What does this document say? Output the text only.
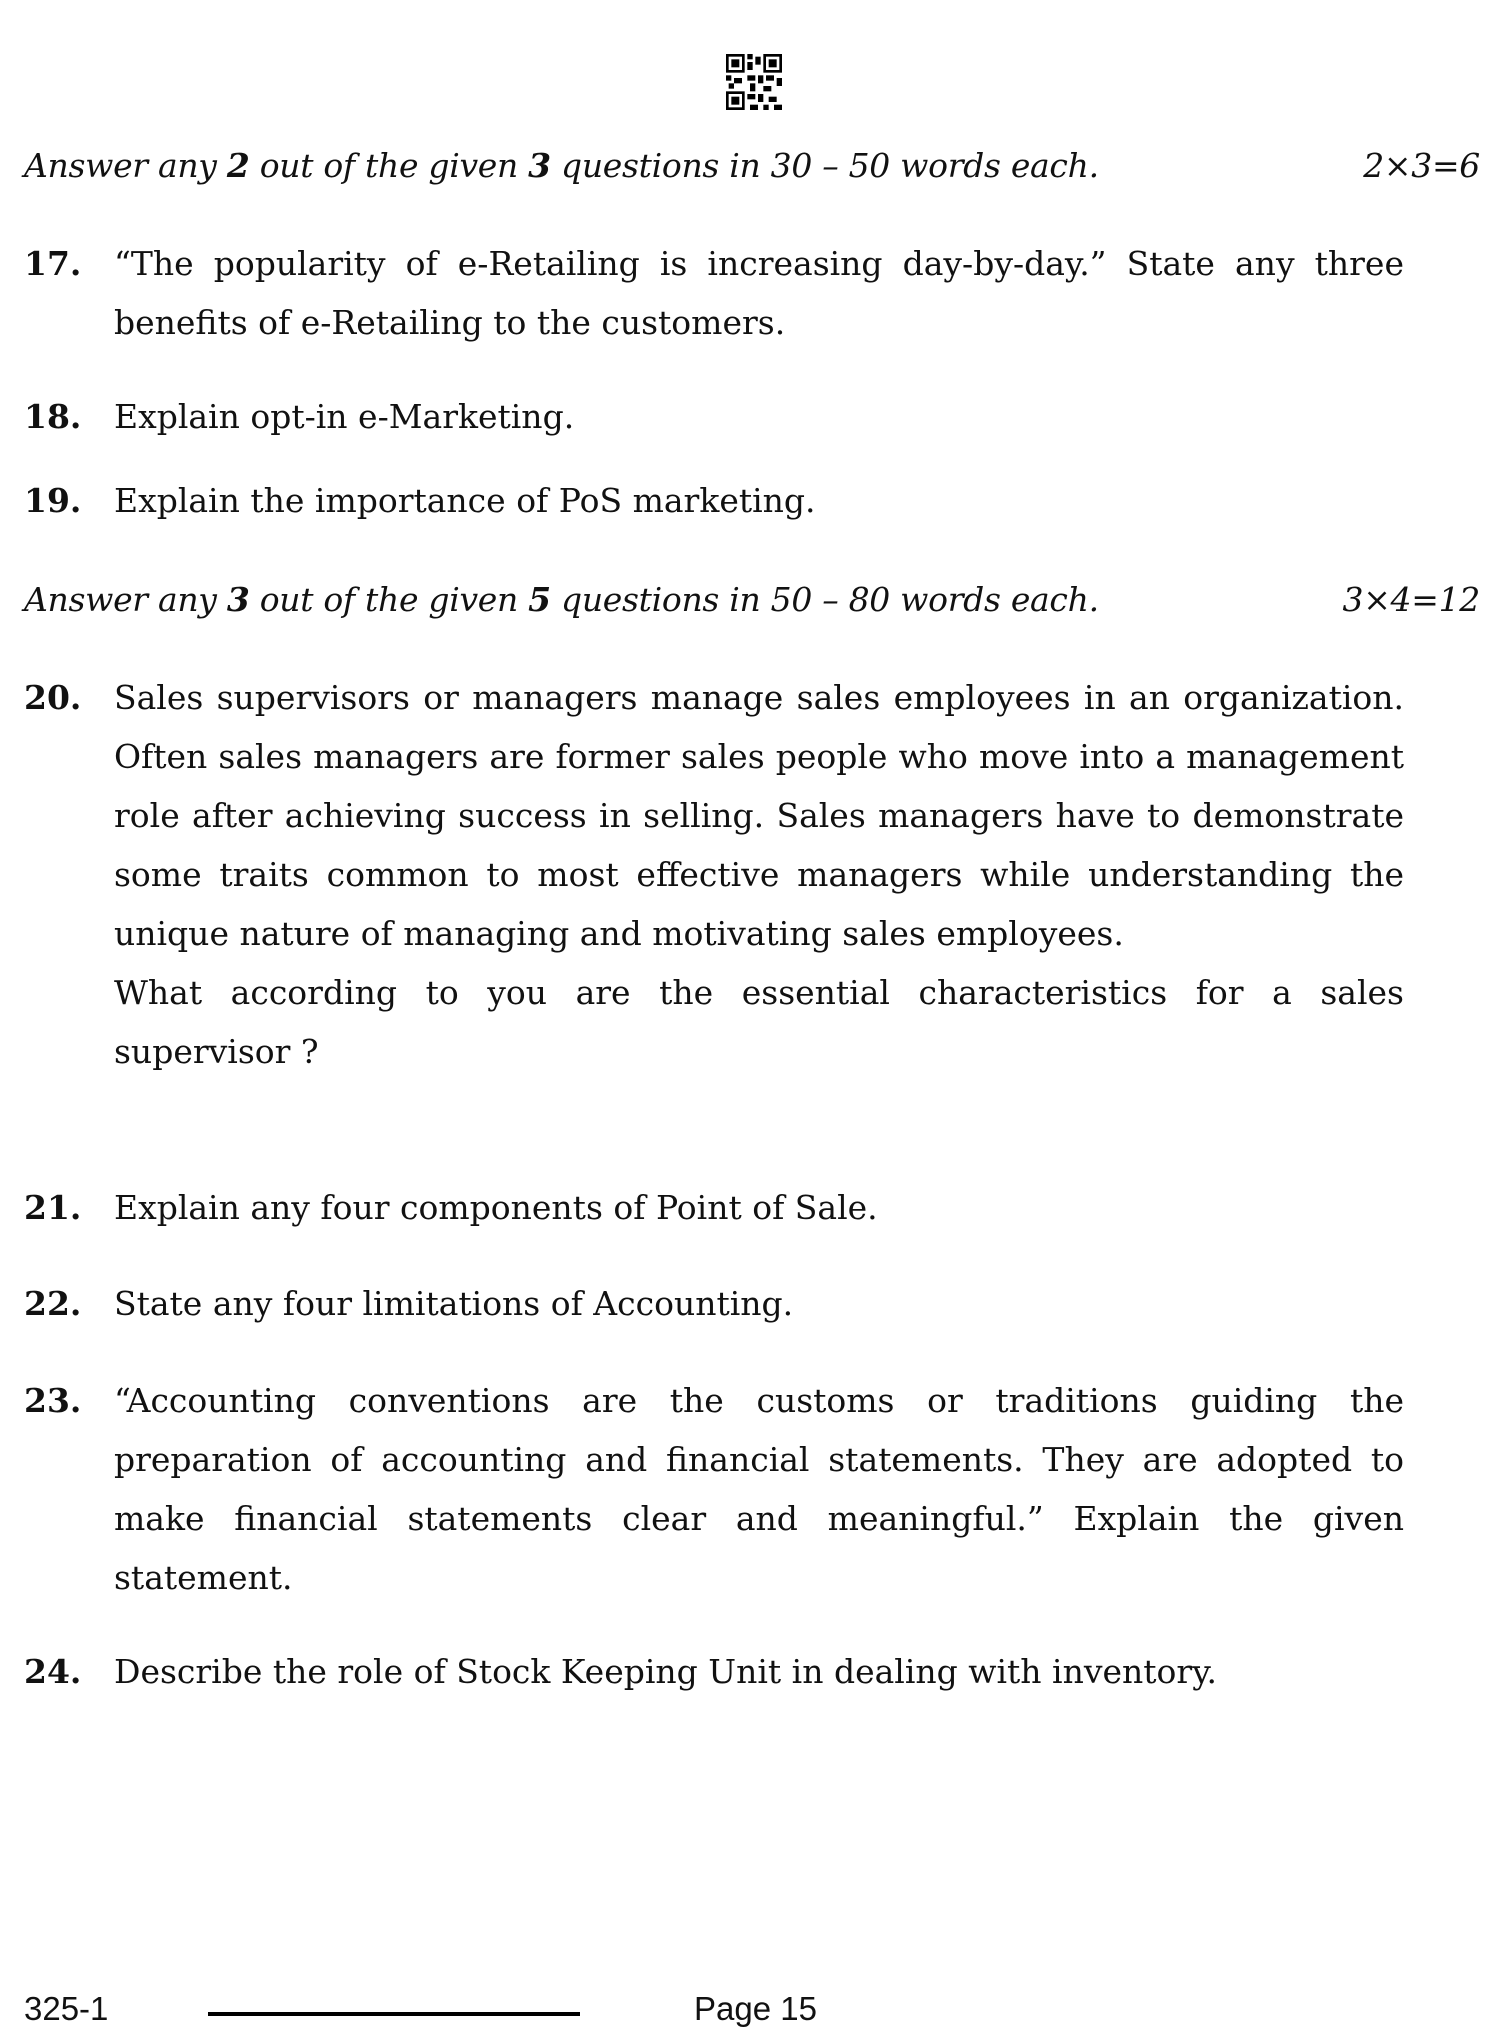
Answer any 2 out of the given 3 questions in 30 – 50 words each.	2×3=6
17. “The popularity of e-Retailing is increasing day-by-day.” State any three benefits of e-Retailing to the customers.

18. Explain opt-in e-Marketing.

19. Explain the importance of PoS marketing.

Answer any 3 out of the given 5 questions in 50 – 80 words each.	3×4=12
20. Sales supervisors or managers manage sales employees in an organization. Often sales managers are former sales people who move into a management role after achieving success in selling. Sales managers have to demonstrate some traits common to most effective managers while understanding the unique nature of managing and motivating sales employees.

What according to you are the essential characteristics for a sales supervisor ?

21. Explain any four components of Point of Sale.

22. State any four limitations of Accounting.

23. “Accounting conventions are the customs or traditions guiding the preparation of accounting and financial statements. They are adopted to make financial statements clear and meaningful.” Explain the given statement.

24. Describe the role of Stock Keeping Unit in dealing with inventory.

325-1	Page 15
